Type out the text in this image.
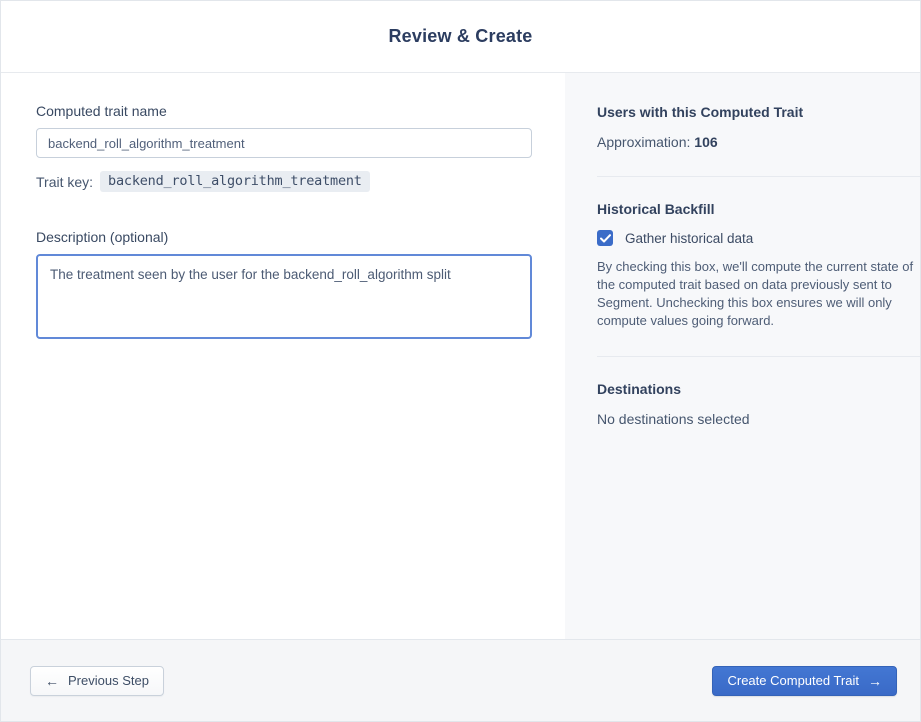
Review & Create
Computed trait name
backend_roll_algorithm_treatment
Trait key:	backend_roll_algorithm_treatment
Description (optional)
The treatment seen by the user for the backend_roll_algorithm split
Users with this Computed Trait
Approximation: 106
Historical Backfill
Gather historical data

By checking this box, we'll compute the current state of the computed trait based on data previously sent to Segment. Unchecking this box ensures we will only compute values going forward.

Destinations
No destinations selected
← Previous Step	Create Computed Trait →
